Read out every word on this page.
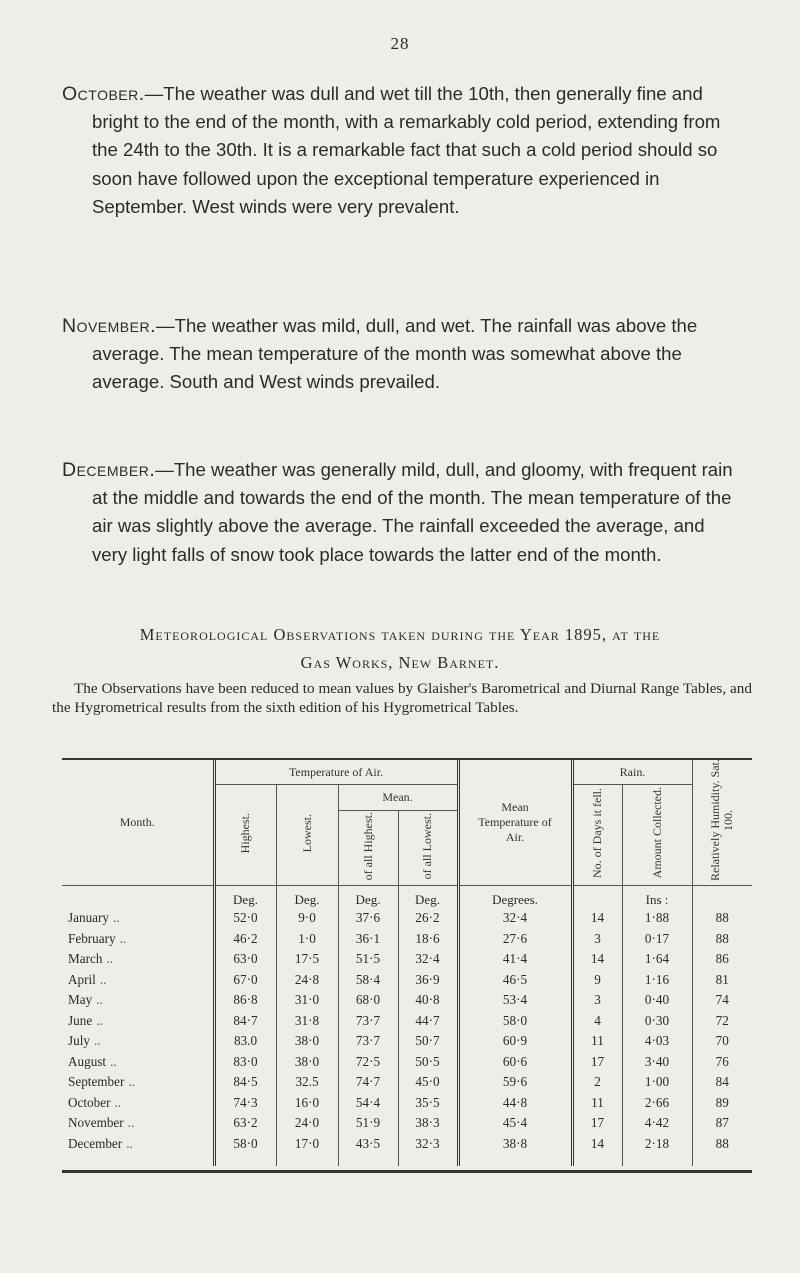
28
October.—The weather was dull and wet till the 10th, then generally fine and bright to the end of the month, with a remarkably cold period, extending from the 24th to the 30th. It is a remarkable fact that such a cold period should so soon have followed upon the exceptional temperature experienced in September. West winds were very prevalent.
November.—The weather was mild, dull, and wet. The rainfall was above the average. The mean temperature of the month was somewhat above the average. South and West winds prevailed.
December.—The weather was generally mild, dull, and gloomy, with frequent rain at the middle and towards the end of the month. The mean temperature of the air was slightly above the average. The rainfall exceeded the average, and very light falls of snow took place towards the latter end of the month.
Meteorological Observations taken during the Year 1895, at the
Gas Works, New Barnet.
The Observations have been reduced to mean values by Glaisher's Barometrical and Diurnal Range Tables, and the Hygrometrical results from the sixth edition of his Hygrometrical Tables.
Month.	Temperature of Air.				Mean Temperature of Air.	Rain.		Relatively Humidity. Sat. 100.
	Highest.	Lowest.	Mean.			No. of Days it fell.	Amount Collected.	
			of all Highest.	of all Lowest.				
	Deg.	Deg.	Deg.	Deg.	Degrees.		Ins :	
January ..	52·0	9·0	37·6	26·2	32·4	14	1·88	88
February ..	46·2	1·0	36·1	18·6	27·6	3	0·17	88
March ..	63·0	17·5	51·5	32·4	41·4	14	1·64	86
April ..	67·0	24·8	58·4	36·9	46·5	9	1·16	81
May ..	86·8	31·0	68·0	40·8	53·4	3	0·40	74
June ..	84·7	31·8	73·7	44·7	58·0	4	0·30	72
July ..	83.0	38·0	73·7	50·7	60·9	11	4·03	70
August ..	83·0	38·0	72·5	50·5	60·6	17	3·40	76
September ..	84·5	32.5	74·7	45·0	59·6	2	1·00	84
October ..	74·3	16·0	54·4	35·5	44·8	11	2·66	89
November ..	63·2	24·0	51·9	38·3	45·4	17	4·42	87
December ..	58·0	17·0	43·5	32·3	38·8	14	2·18	88
